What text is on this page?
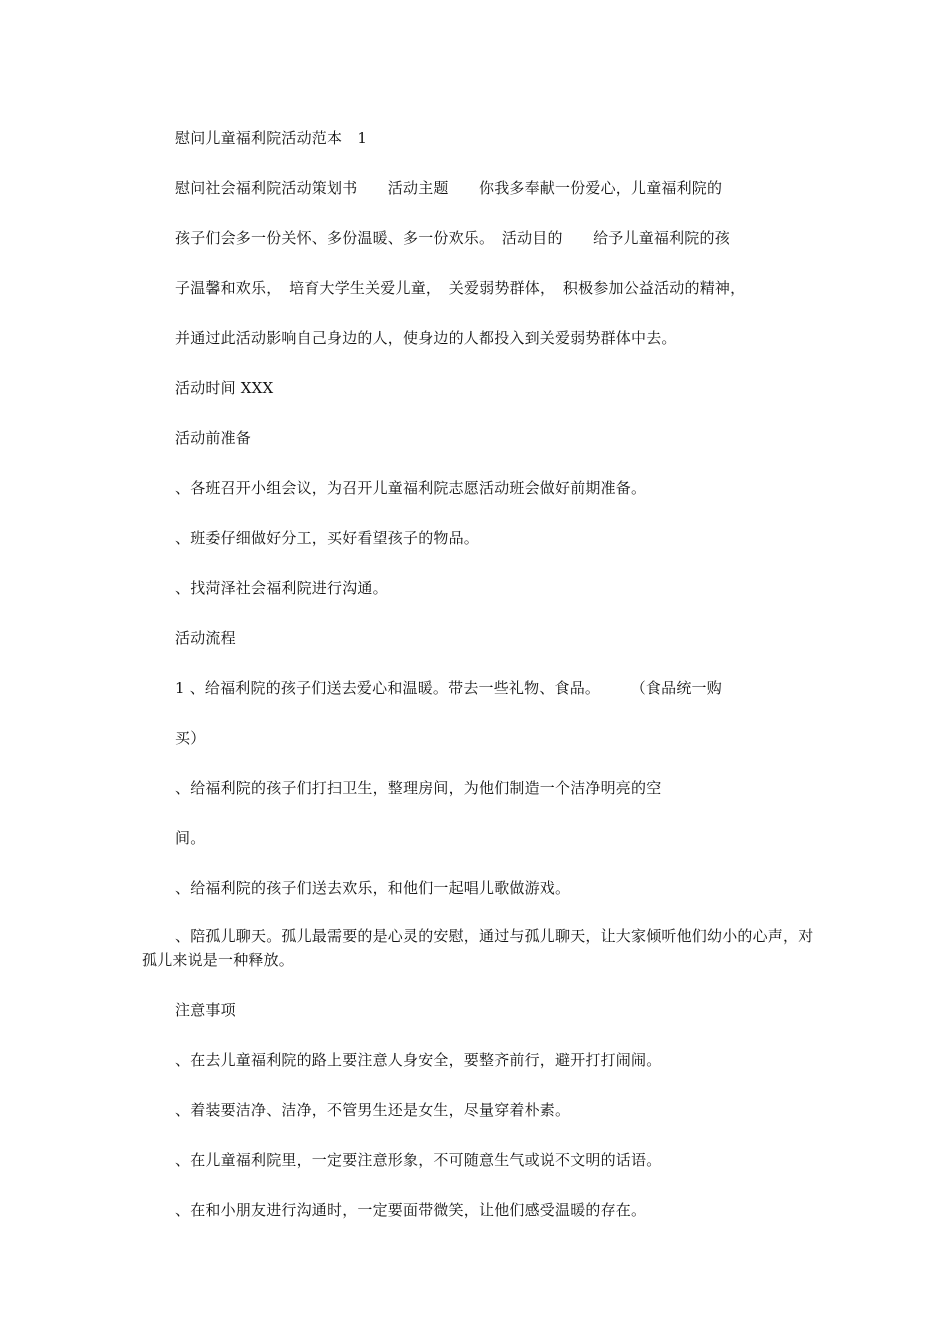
慰问儿童福利院活动范本　1
慰问社会福利院活动策划书　　活动主题　　你我多奉献一份爱心，儿童福利院的
孩子们会多一份关怀、多份温暖、多一份欢乐。　活动目的　　给予儿童福利院的孩
子温馨和欢乐，　培育大学生关爱儿童，　关爱弱势群体，　积极参加公益活动的精神，
并通过此活动影响自己身边的人，使身边的人都投入到关爱弱势群体中去。
活动时间 XXX
活动前准备
、各班召开小组会议，为召开儿童福利院志愿活动班会做好前期准备。
、班委仔细做好分工，买好看望孩子的物品。
、找菏泽社会福利院进行沟通。
活动流程
1 、给福利院的孩子们送去爱心和温暖。带去一些礼物、食品。　　　（食品统一购
买）
、给福利院的孩子们打扫卫生，整理房间，为他们制造一个洁净明亮的空
间。
、给福利院的孩子们送去欢乐，和他们一起唱儿歌做游戏。
、陪孤儿聊天。孤儿最需要的是心灵的安慰，通过与孤儿聊天，让大家倾听他们幼小的心声，对孤儿来说是一种释放。
注意事项
、在去儿童福利院的路上要注意人身安全，要整齐前行，避开打打闹闹。
、着装要洁净、洁净，不管男生还是女生，尽量穿着朴素。
、在儿童福利院里，一定要注意形象，不可随意生气或说不文明的话语。
、在和小朋友进行沟通时，一定要面带微笑，让他们感受温暖的存在。
